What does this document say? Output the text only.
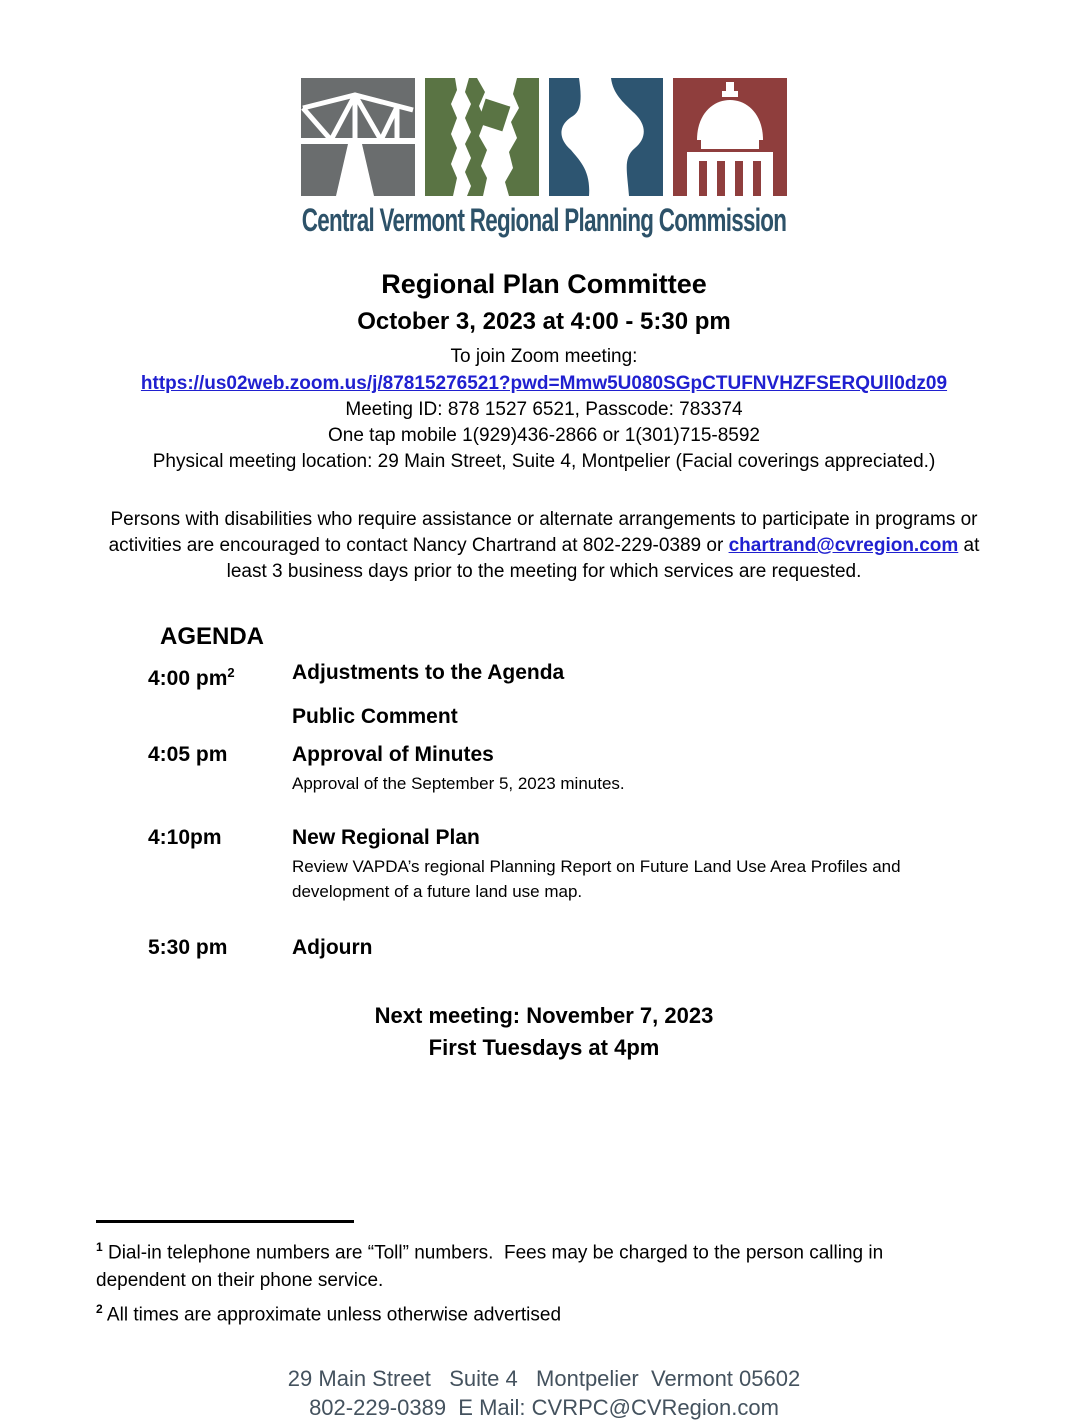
Central Vermont Regional Planning Commission
Regional Plan Committee
October 3, 2023 at 4:00 - 5:30 pm
To join Zoom meeting:
https://us02web.zoom.us/j/87815276521?pwd=Mmw5U080SGpCTUFNVHZFSERQUll0dz09
Meeting ID: 878 1527 6521, Passcode: 783374
One tap mobile 1(929)436-2866 or 1(301)715-8592
Physical meeting location: 29 Main Street, Suite 4, Montpelier (Facial coverings appreciated.)

Persons with disabilities who require assistance or alternate arrangements to participate in programs or activities are encouraged to contact Nancy Chartrand at 802-229-0389 or chartrand@cvregion.com at least 3 business days prior to the meeting for which services are requested.

AGENDA
4:00 $pm^2$	Adjustments to the Agenda
Public Comment
4:05 pm	Approval of Minutes
Approval of the September 5, 2023 minutes.
4:10pm	New Regional Plan
Review VAPDA’s regional Planning Report on Future Land Use Area Profiles and development of a future land use map.
5:30 pm	Adjourn
Next meeting: November 7, 2023
First Tuesdays at 4pm
$^1$ Dial-in telephone numbers are “Toll” numbers.  Fees may be charged to the person calling in dependent on their phone service.
$^2$ All times are approximate unless otherwise advertised
29 Main Street   Suite 4   Montpelier  Vermont 05602
802-229-0389  E Mail: CVRPC@CVRegion.com
